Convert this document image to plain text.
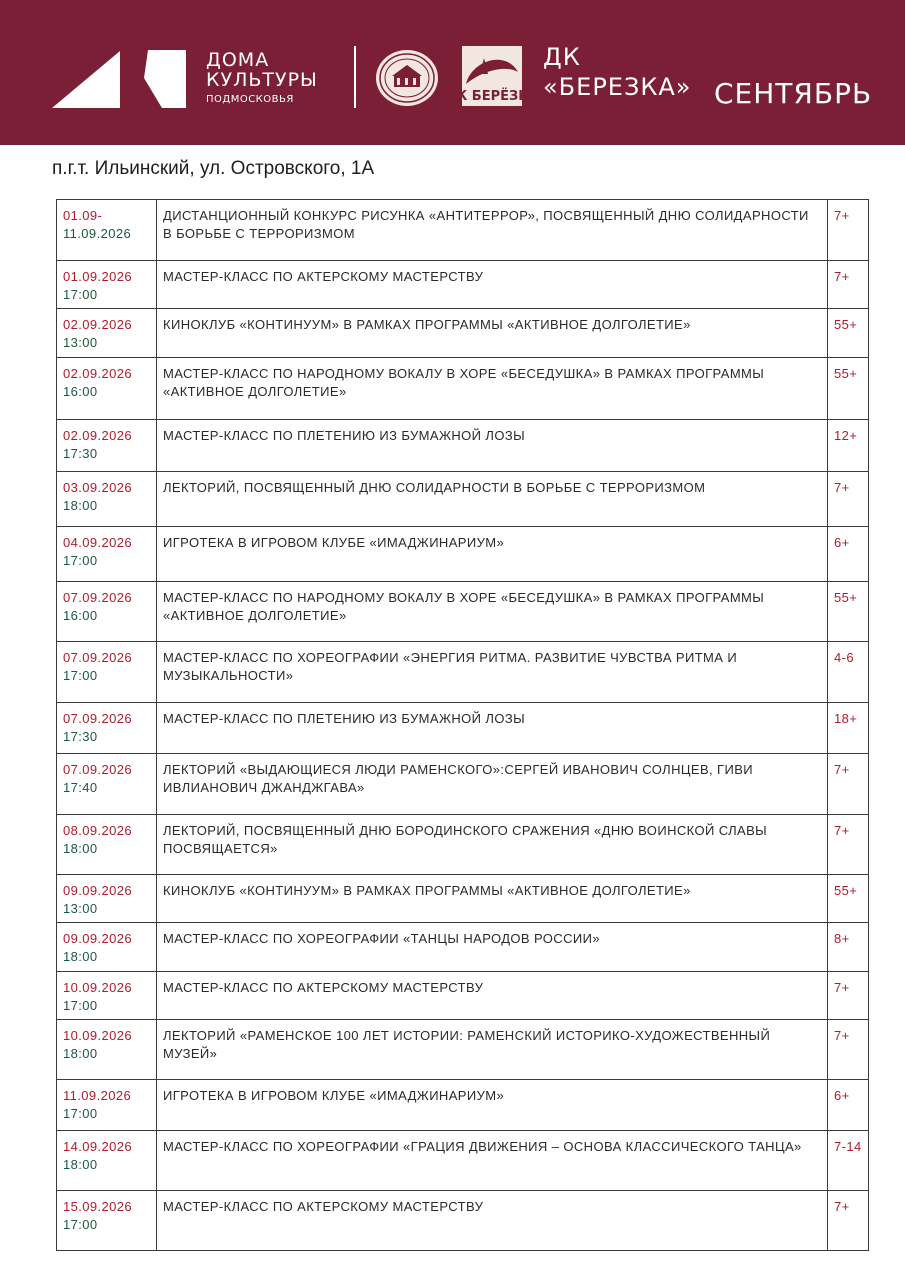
ДОМА
КУЛЬТУРЫ
ПОДМОСКОВЬЯ	ДК БЕРЁЗКА
ДК
«БЕРЕЗКА» СЕНТЯБРЬ
п.г.т. Ильинский, ул. Островского, 1А
01.09-
11.09.2026	ДИСТАНЦИОННЫЙ КОНКУРС РИСУНКА «АНТИТЕРРОР», ПОСВЯЩЕННЫЙ ДНЮ СОЛИДАРНОСТИ В БОРЬБЕ С ТЕРРОРИЗМОМ	7+

01.09.2026
17:00	МАСТЕР-КЛАСС ПО АКТЕРСКОМУ МАСТЕРСТВУ	7+

02.09.2026
13:00	КИНОКЛУБ «КОНТИНУУМ» В РАМКАХ ПРОГРАММЫ «АКТИВНОЕ ДОЛГОЛЕТИЕ»	55+

02.09.2026
16:00	МАСТЕР-КЛАСС ПО НАРОДНОМУ ВОКАЛУ В ХОРЕ «БЕСЕДУШКА» В РАМКАХ ПРОГРАММЫ «АКТИВНОЕ ДОЛГОЛЕТИЕ»	55+

02.09.2026
17:30	МАСТЕР-КЛАСС ПО ПЛЕТЕНИЮ ИЗ БУМАЖНОЙ ЛОЗЫ	12+

03.09.2026
18:00	ЛЕКТОРИЙ, ПОСВЯЩЕННЫЙ ДНЮ СОЛИДАРНОСТИ В БОРЬБЕ С ТЕРРОРИЗМОМ	7+

04.09.2026
17:00	ИГРОТЕКА В ИГРОВОМ КЛУБЕ «ИМАДЖИНАРИУМ»	6+

07.09.2026
16:00	МАСТЕР-КЛАСС ПО НАРОДНОМУ ВОКАЛУ В ХОРЕ «БЕСЕДУШКА» В РАМКАХ ПРОГРАММЫ «АКТИВНОЕ ДОЛГОЛЕТИЕ»	55+

07.09.2026
17:00	МАСТЕР-КЛАСС ПО ХОРЕОГРАФИИ «ЭНЕРГИЯ РИТМА. РАЗВИТИЕ ЧУВСТВА РИТМА И МУЗЫКАЛЬНОСТИ»	4-6

07.09.2026
17:30	МАСТЕР-КЛАСС ПО ПЛЕТЕНИЮ ИЗ БУМАЖНОЙ ЛОЗЫ	18+

07.09.2026
17:40	ЛЕКТОРИЙ «ВЫДАЮЩИЕСЯ ЛЮДИ РАМЕНСКОГО»:СЕРГЕЙ ИВАНОВИЧ СОЛНЦЕВ, ГИВИ ИВЛИАНОВИЧ ДЖАНДЖГАВА»	7+

08.09.2026
18:00	ЛЕКТОРИЙ, ПОСВЯЩЕННЫЙ ДНЮ БОРОДИНСКОГО СРАЖЕНИЯ «ДНЮ ВОИНСКОЙ СЛАВЫ ПОСВЯЩАЕТСЯ»	7+

09.09.2026
13:00	КИНОКЛУБ «КОНТИНУУМ» В РАМКАХ ПРОГРАММЫ «АКТИВНОЕ ДОЛГОЛЕТИЕ»	55+

09.09.2026
18:00	МАСТЕР-КЛАСС ПО ХОРЕОГРАФИИ «ТАНЦЫ НАРОДОВ РОССИИ»	8+

10.09.2026
17:00	МАСТЕР-КЛАСС ПО АКТЕРСКОМУ МАСТЕРСТВУ	7+

10.09.2026
18:00	ЛЕКТОРИЙ «РАМЕНСКОЕ 100 ЛЕТ ИСТОРИИ: РАМЕНСКИЙ ИСТОРИКО-ХУДОЖЕСТВЕННЫЙ МУЗЕЙ»	7+

11.09.2026
17:00	ИГРОТЕКА В ИГРОВОМ КЛУБЕ «ИМАДЖИНАРИУМ»	6+

14.09.2026
18:00	МАСТЕР-КЛАСС ПО ХОРЕОГРАФИИ «ГРАЦИЯ ДВИЖЕНИЯ – ОСНОВА КЛАССИЧЕСКОГО ТАНЦА»	7-14

15.09.2026
17:00	МАСТЕР-КЛАСС ПО АКТЕРСКОМУ МАСТЕРСТВУ	7+
